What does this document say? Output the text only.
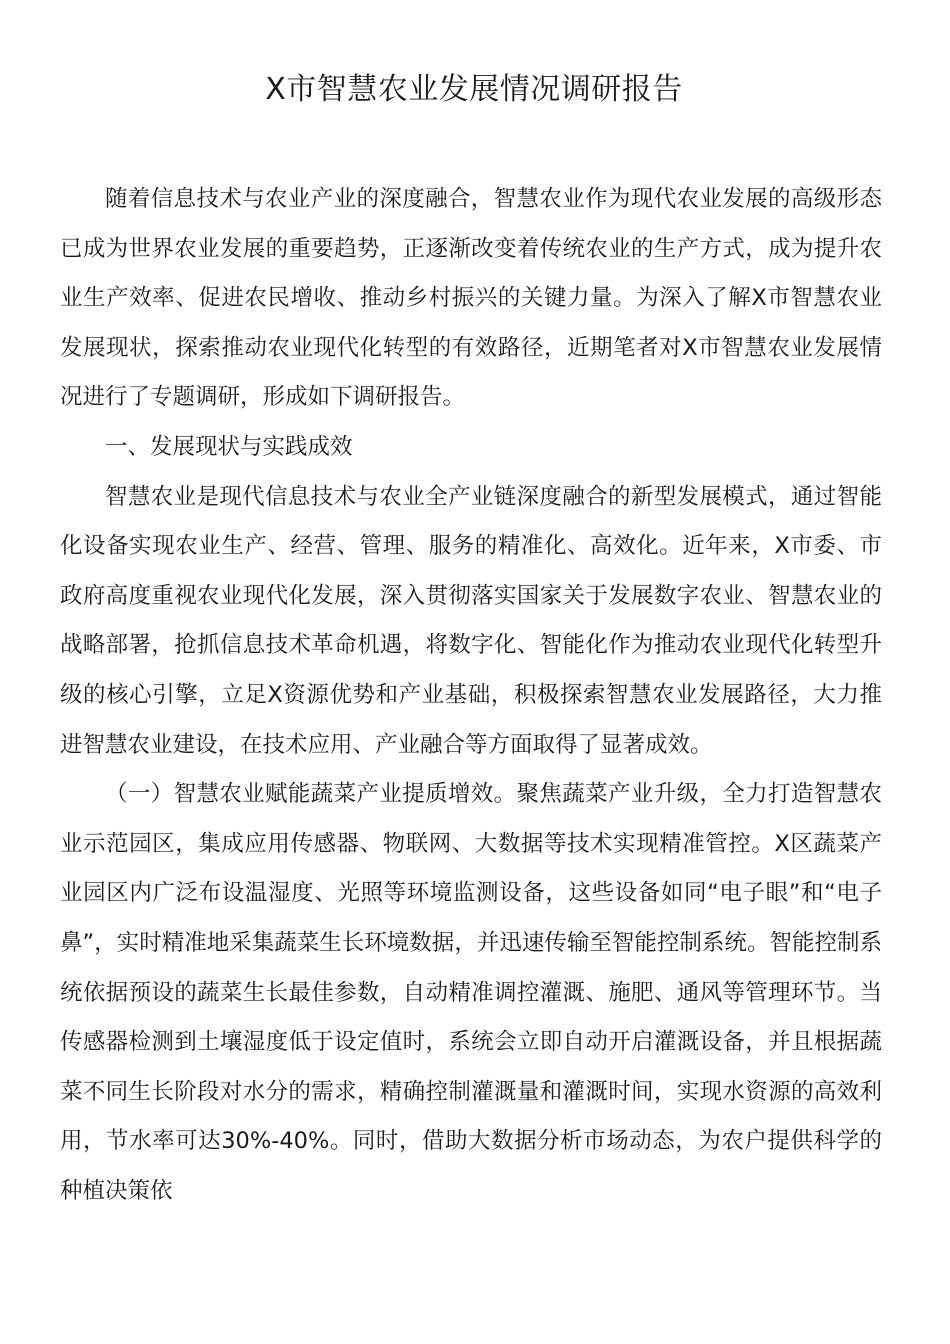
X市智慧农业发展情况调研报告

随着信息技术与农业产业的深度融合，智慧农业作为现代农业发展的高级形态已成为世界农业发展的重要趋势，正逐渐改变着传统农业的生产方式，成为提升农业生产效率、促进农民增收、推动乡村振兴的关键力量。为深入了解X市智慧农业发展现状，探索推动农业现代化转型的有效路径，近期笔者对X市智慧农业发展情况进行了专题调研，形成如下调研报告。

一、发展现状与实践成效

智慧农业是现代信息技术与农业全产业链深度融合的新型发展模式，通过智能化设备实现农业生产、经营、管理、服务的精准化、高效化。近年来，X市委、市政府高度重视农业现代化发展，深入贯彻落实国家关于发展数字农业、智慧农业的战略部署，抢抓信息技术革命机遇，将数字化、智能化作为推动农业现代化转型升级的核心引擎，立足X资源优势和产业基础，积极探索智慧农业发展路径，大力推进智慧农业建设，在技术应用、产业融合等方面取得了显著成效。

（一）智慧农业赋能蔬菜产业提质增效。聚焦蔬菜产业升级，全力打造智慧农业示范园区，集成应用传感器、物联网、大数据等技术实现精准管控。X区蔬菜产业园区内广泛布设温湿度、光照等环境监测设备，这些设备如同“电子眼”和“电子鼻”，实时精准地采集蔬菜生长环境数据，并迅速传输至智能控制系统。智能控制系统依据预设的蔬菜生长最佳参数，自动精准调控灌溉、施肥、通风等管理环节。当传感器检测到土壤湿度低于设定值时，系统会立即自动开启灌溉设备，并且根据蔬菜不同生长阶段对水分的需求，精确控制灌溉量和灌溉时间，实现水资源的高效利用，节水率可达30%-40%。同时，借助大数据分析市场动态，为农户提供科学的种植决策依
